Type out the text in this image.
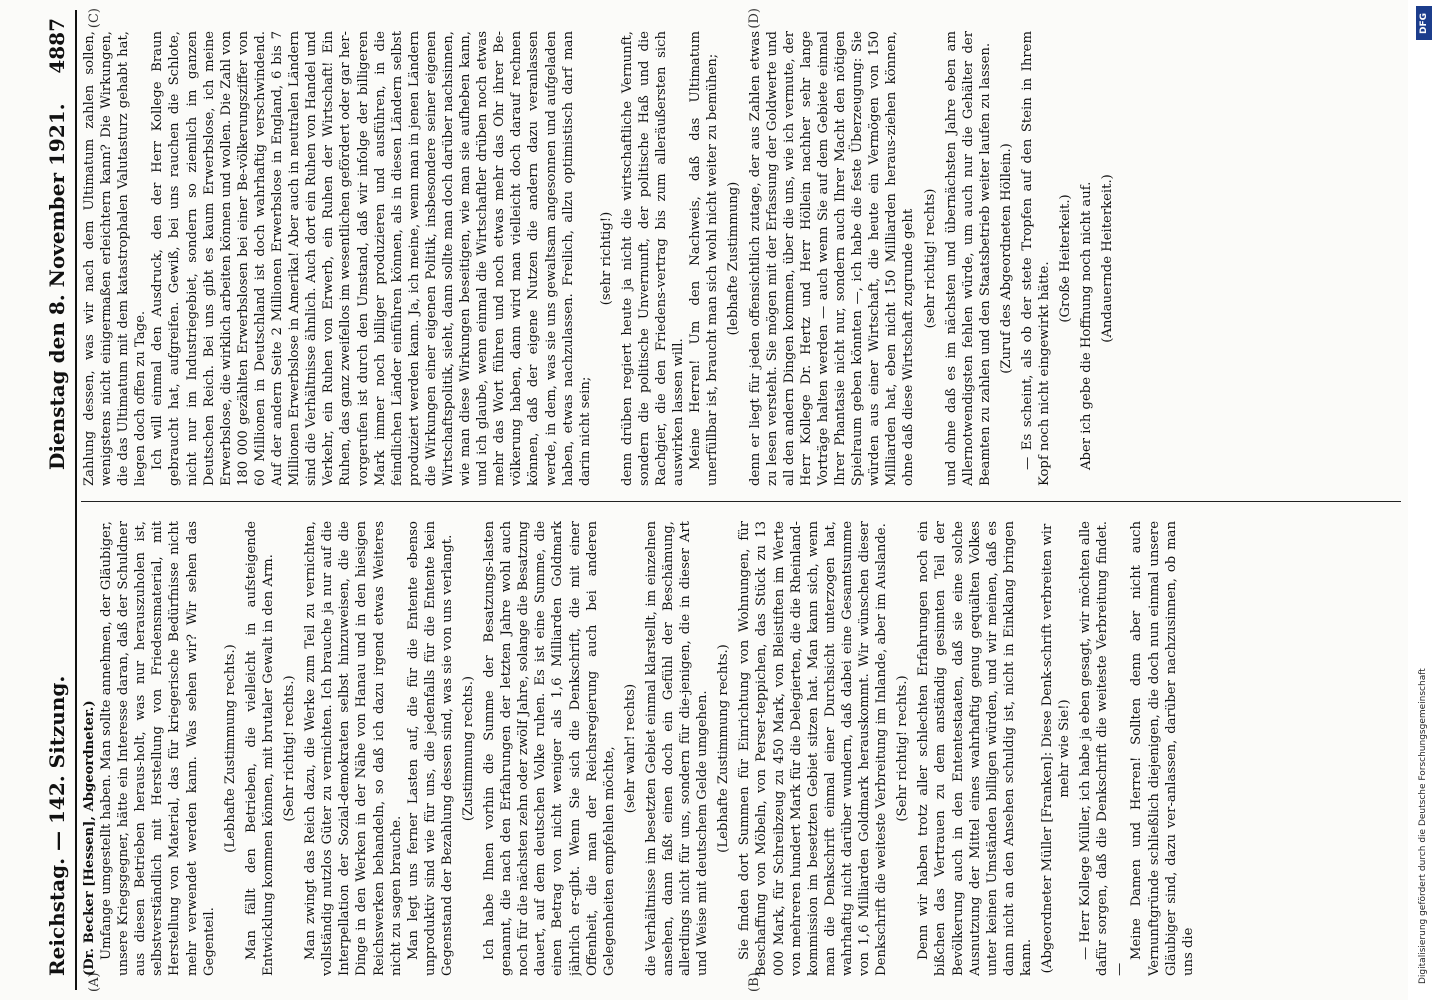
Reichstag. — 142. Sitzung.
Dienstag den 8. November 1921.
4887
(A)	(B)
(C)	(D)

(Dr. Becker [Hessen], Abgeordneter.) Umfange umgestellt haben. Man sollte annehmen, der Gläubiger, unsere Kriegsgegner, hätte ein Interesse daran, daß der Schuldner aus diesen Betrieben heraus-holt, was nur herauszuholen ist, selbstverständlich mit Herstellung von Friedensmaterial, mit Herstellung von Material, das für kriegerische Bedürfnisse nicht mehr verwendet werden kann. Was sehen wir? Wir sehen das Gegenteil.

(Lebhafte Zustimmung rechts.) Man fällt den Betrieben, die vielleicht in aufsteigende Entwicklung kommen können, mit brutaler Gewalt in den Arm. (Sehr richtig! rechts.) Man zwingt das Reich dazu, die Werke zum Teil zu vernichten, vollständig nutzlos Güter zu vernichten. Ich brauche ja nur auf die Interpellation der Sozial-demokraten selbst hinzuweisen, die die Dinge in den Werken in der Nähe von Hanau und in den hiesigen Reichswerken behandeln, so daß ich dazu irgend etwas Weiteres nicht zu sagen brauche. Man legt uns ferner Lasten auf, die für die Entente ebenso unproduktiv sind wie für uns, die jedenfalls für die Entente kein Gegenstand der Bezahlung dessen sind, was sie von uns verlangt. (Zustimmung rechts.) Ich habe Ihnen vorhin die Summe der Besatzungs-lasten genannt, die nach den Erfahrungen der letzten Jahre wohl auch noch für die nächsten zehn oder zwölf Jahre, solange die Besatzung dauert, auf dem deutschen Volke ruhen. Es ist eine Summe, die einen Betrag von nicht weniger als 1,6 Milliarden Goldmark jährlich er-gibt. Wenn Sie sich die Denkschrift, die mit einer Offenheit, die man der Reichsregierung auch bei anderen Gelegenheiten empfehlen möchte, (sehr wahr! rechts) die Verhältnisse im besetzten Gebiet einmal klarstellt, im einzelnen ansehen, dann faßt einen doch ein Gefühl der Beschämung, allerdings nicht für uns, sondern für die-jenigen, die in dieser Art und Weise mit deutschem Gelde umgehen. (Lebhafte Zustimmung rechts.) Sie finden dort Summen für Einrichtung von Wohnungen, für Beschaffung von Möbeln, von Perser-teppichen, das Stück zu 13 000 Mark, für Schreibzeug zu 450 Mark, von Bleistiften im Werte von mehreren hundert Mark für die Delegierten, die die Rheinland-kommission im besetzten Gebiet sitzen hat. Man kann sich, wenn man die Denkschrift einmal einer Durchsicht unterzogen hat, wahrhaftig nicht darüber wundern, daß dabei eine Gesamtsumme von 1,6 Milliarden Goldmark herauskommt. Wir wünschen dieser Denkschrift die weiteste Verbreitung im Inlande, aber im Auslande. (Sehr richtig! rechts.) Denn wir haben trotz aller schlechten Erfahrungen noch ein bißchen das Vertrauen zu dem anständig gesinnten Teil der Bevölkerung auch in den Ententestaaten, daß sie eine solche Ausnutzung der Mittel eines wahrhaftig genug gequälten Volkes unter keinen Umständen billigen würden, und wir meinen, daß es dann nicht an den Ansehen schuldig ist, nicht in Einklang bringen kann. (Abgeordneter Müller [Franken]: Diese Denk-schrift verbreiten wir mehr wie Sie!) — Herr Kollege Müller, ich habe ja eben gesagt, wir möchten alle dafür sorgen, daß die Denkschrift die weiteste Verbreitung findet. —

Meine Damen und Herren! Sollten denn aber nicht auch Vernunftgründe schließlich diejenigen, die doch nun einmal unsere Gläubiger sind, dazu ver-anlassen, darüber nachzusinnen, ob man uns die

Zahlung dessen, was wir nach dem Ultimatum zahlen sollen, wenigstens nicht einigermaßen erleichtern kann? Die Wirkungen, die das Ultimatum mit dem katastrophalen Valutasturz gehabt hat, liegen doch offen zu Tage. Ich will einmal den Ausdruck, den der Herr Kollege Braun gebraucht hat, aufgreifen. Gewiß, bei uns rauchen die Schlote, nicht nur im Industriegebiet, sondern so ziemlich im ganzen Deutschen Reich. Bei uns gibt es kaum Erwerbslose, ich meine Erwerbslose, die wirklich arbeiten können und wollen. Die Zahl von 180 000 gezählten Erwerbslosen bei einer Be-völkerungsziffer von 60 Millionen in Deutschland ist doch wahrhaftig verschwindend. Auf der andern Seite 2 Millionen Erwerbslose in England, 6 bis 7 Millionen Erwerbslose in Amerika! Aber auch in neutralen Ländern sind die Verhältnisse ähnlich. Auch dort ein Ruhen von Handel und Verkehr, ein Ruhen von Erwerb, ein Ruhen der Wirtschaft! Ein Ruhen, das ganz zweifellos im wesentlichen gefördert oder gar her-vorgerufen ist durch den Umstand, daß wir infolge der billigeren Mark immer noch billiger produzieren und ausführen, in die feindlichen Länder einführen können, als in diesen Ländern selbst produziert werden kann. Ja, ich meine, wenn man in jenen Ländern die Wirkungen einer eigenen Politik, insbesondere seiner eigenen Wirtschaftspolitik, sieht, dann sollte man doch darüber nachsinnen, wie man diese Wirkungen beseitigen, wie man sie aufheben kann, und ich glaube, wenn einmal die Wirtschaftler drüben noch etwas mehr das Wort führen und noch etwas mehr das Ohr ihrer Be-völkerung haben, dann wird man vielleicht doch darauf rechnen können, daß der eigene Nutzen die andern dazu veranlassen werde, in dem, was sie uns gewaltsam angesonnen und aufgeladen haben, etwas nachzulassen. Freilich, allzu optimistisch darf man darin nicht sein;

(sehr richtig!) denn drüben regiert heute ja nicht die wirtschaftliche Vernunft, sondern die politische Unvernunft, der politische Haß und die Rachgier, die den Friedens-vertrag bis zum alleräußersten sich auswirken lassen will. Meine Herren! Um den Nachweis, daß das Ultimatum unerfüllbar ist, braucht man sich wohl nicht weiter zu bemühen; (lebhafte Zustimmung) denn er liegt für jeden offensichtlich zutage, der aus Zahlen etwas zu lesen versteht. Sie mögen mit der Erfassung der Goldwerte und all den andern Dingen kommen, über die uns, wie ich vermute, der Herr Kollege Dr. Hertz und Herr Höllein nachher sehr lange Vorträge halten werden — auch wenn Sie auf dem Gebiete einmal Ihrer Phantasie nicht nur, sondern auch Ihrer Macht den nötigen Spielraum geben könnten —, ich habe die feste Überzeugung: Sie würden aus einer Wirtschaft, die heute ein Vermögen von 150 Milliarden hat, eben nicht 150 Milliarden heraus-ziehen können, ohne daß diese Wirtschaft zugrunde geht (sehr richtig! rechts) und ohne daß es im nächsten und übernächsten Jahre eben am Allernotwendigsten fehlen würde, um auch nur die Gehälter der Beamten zu zahlen und den Staatsbetrieb weiter laufen zu lassen. (Zuruf des Abgeordneten Höllein.) — Es scheint, als ob der stete Tropfen auf den Stein in Ihrem Kopf noch nicht eingewirkt hätte.

(Große Heiterkeit.) Aber ich gebe die Hoffnung noch nicht auf. (Andauernde Heiterkeit.)

DFG
Digitalisierung gefördert durch die Deutsche Forschungsgemeinschaft
